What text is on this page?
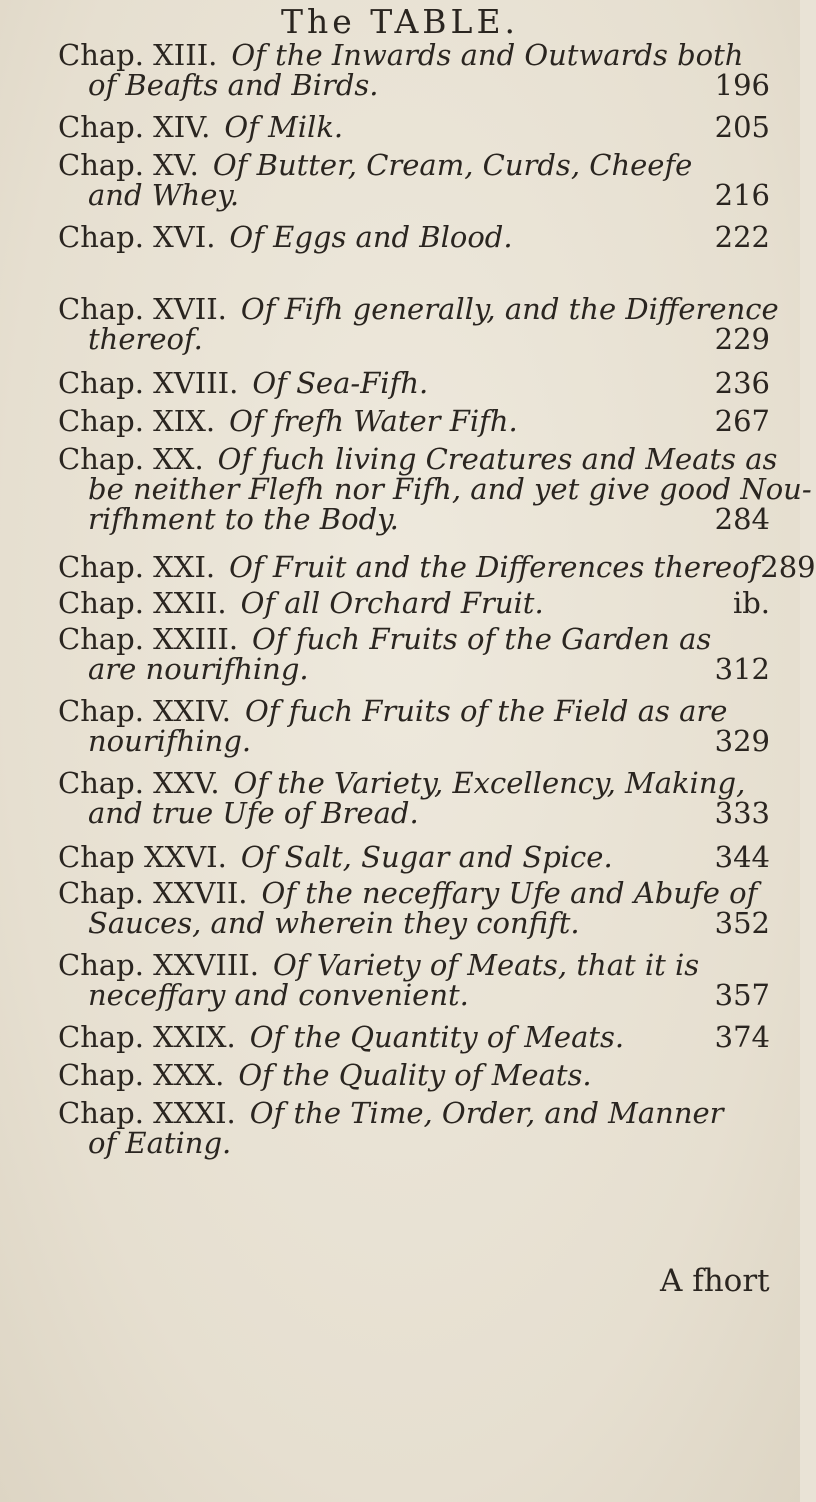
The TABLE.
Chap. XIII. Of the Inwards and Outwards both
of Beafts and Birds.	196
Chap. XIV. Of Milk.	205
Chap. XV. Of Butter, Cream, Curds, Cheefe
and Whey.	216
Chap. XVI. Of Eggs and Blood.	222
Chap. XVII. Of Fifh generally, and the Difference
thereof.	229
Chap. XVIII. Of Sea-Fifh.	236
Chap. XIX. Of frefh Water Fifh.	267
Chap. XX. Of fuch living Creatures and Meats as
be neither Flefh nor Fifh, and yet give good Nou-
rifhment to the Body.	284
Chap. XXI. Of Fruit and the Differences thereof 289
Chap. XXII. Of all Orchard Fruit.	ib.
Chap. XXIII. Of fuch Fruits of the Garden as
are nourifhing.	312
Chap. XXIV. Of fuch Fruits of the Field as are
nourifhing.	329
Chap. XXV. Of the Variety, Excellency, Making,
and true Ufe of Bread.	333
Chap XXVI. Of Salt, Sugar and Spice.	344
Chap. XXVII. Of the neceffary Ufe and Abufe of
Sauces, and wherein they confift.	352
Chap. XXVIII. Of Variety of Meats, that it is
neceffary and convenient.	357
Chap. XXIX. Of the Quantity of Meats.	374
Chap. XXX. Of the Quality of Meats.
Chap. XXXI. Of the Time, Order, and Manner
of Eating.
A fhort
